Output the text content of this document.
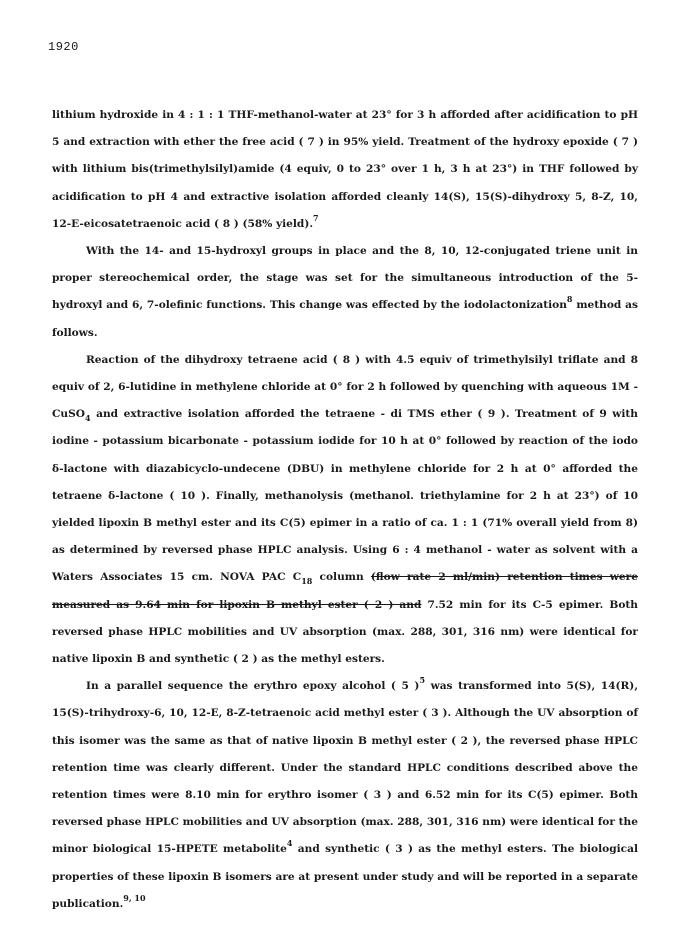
1920

lithium hydroxide in 4 : 1 : 1 THF-methanol-water at 23° for 3 h afforded after acidification to pH 5 and extraction with ether the free acid ( 7 ) in 95% yield. Treatment of the hydroxy epoxide ( 7 ) with lithium bis(trimethylsilyl)amide (4 equiv, 0 to 23° over 1 h, 3 h at 23°) in THF followed by acidification to pH 4 and extractive isolation afforded cleanly 14(S), 15(S)-dihydroxy 5, 8-Z, 10, 12-E-eicosatetraenoic acid ( 8 ) (58% yield).$^7$

With the 14- and 15-hydroxyl groups in place and the 8, 10, 12-conjugated triene unit in proper stereochemical order, the stage was set for the simultaneous introduction of the 5-hydroxyl and 6, 7-olefinic functions. This change was effected by the iodolactonization$^8$ method as follows.

Reaction of the dihydroxy tetraene acid ( 8 ) with 4.5 equiv of trimethylsilyl triflate and 8 equiv of 2, 6-lutidine in methylene chloride at 0° for 2 h followed by quenching with aqueous 1M - CuSO$_4$ and extractive isolation afforded the tetraene - di TMS ether ( 9 ). Treatment of 9 with iodine - potassium bicarbonate - potassium iodide for 10 h at 0° followed by reaction of the iodo δ-lactone with diazabicyclo-undecene (DBU) in methylene chloride for 2 h at 0° afforded the tetraene δ-lactone ( 10 ). Finally, methanolysis (methanol. triethylamine for 2 h at 23°) of 10 yielded lipoxin B methyl ester and its C(5) epimer in a ratio of ca. 1 : 1 (71% overall yield from 8) as determined by reversed phase HPLC analysis. Using 6 : 4 methanol - water as solvent with a Waters Associates 15 cm. NOVA PAC $C_{18}$ column (flow rate 2 ml/min) retention times were measured as 9.64 min for lipoxin B methyl ester ( 2 ) and 7.52 min for its C-5 epimer. Both reversed phase HPLC mobilities and UV absorption (max. 288, 301, 316 nm) were identical for native lipoxin B and synthetic ( 2 ) as the methyl esters.

In a parallel sequence the erythro epoxy alcohol ( 5 )$^5$ was transformed into 5(S), 14(R), 15(S)-trihydroxy-6, 10, 12-E, 8-Z-tetraenoic acid methyl ester ( 3 ). Although the UV absorption of this isomer was the same as that of native lipoxin B methyl ester ( 2 ), the reversed phase HPLC retention time was clearly different. Under the standard HPLC conditions described above the retention times were 8.10 min for erythro isomer ( 3 ) and 6.52 min for its C(5) epimer. Both reversed phase HPLC mobilities and UV absorption (max. 288, 301, 316 nm) were identical for the minor biological 15-HPETE metabolite$^4$ and synthetic ( 3 ) as the methyl esters. The biological properties of these lipoxin B isomers are at present under study and will be reported in a separate publication.$^{9, 10}$
